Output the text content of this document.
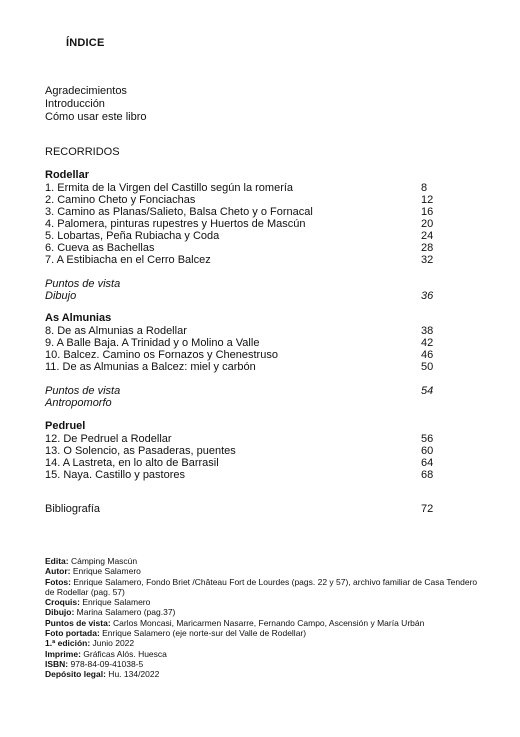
ÍNDICE
Agradecimientos
Introducción
Cómo usar este libro
RECORRIDOS
Rodellar
1. Ermita de la Virgen del Castillo según la romería	8
2. Camino Cheto y Fonciachas	12
3. Camino as Planas/Salieto, Balsa Cheto y o Fornacal	16
4. Palomera, pinturas rupestres y Huertos de Mascún	20
5. Lobartas, Peña Rubiacha y Coda	24
6. Cueva as Bachellas	28
7. A Estibiacha en el Cerro Balcez	32
Puntos de vista
Dibujo	36
As Almunias
8. De as Almunias a Rodellar	38
9. A Balle Baja. A Trinidad y o Molino a Valle	42
10. Balcez. Camino os Fornazos y Chenestruso	46
11. De as Almunias a Balcez: miel y carbón	50
Puntos de vista	54
Antropomorfo
Pedruel
12. De Pedruel a Rodellar	56
13. O Solencio, as Pasaderas, puentes	60
14. A Lastreta, en lo alto de Barrasil	64
15. Naya. Castillo y pastores	68
Bibliografía	72
Edita: Cámping Mascún
Autor: Enrique Salamero
Fotos: Enrique Salamero, Fondo Briet /Château Fort de Lourdes (pags. 22 y 57), archivo familiar de Casa Tendero de Rodellar (pag. 57)
Croquis: Enrique Salamero
Dibujo: Marina Salamero (pag.37)
Puntos de vista: Carlos Moncasi, Maricarmen Nasarre, Fernando Campo, Ascensión y María Urbán
Foto portada: Enrique Salamero (eje norte-sur del Valle de Rodellar)
1.ª edición: Junio 2022
Imprime: Gráficas Alós. Huesca
ISBN: 978-84-09-41038-5
Depósito legal: Hu. 134/2022
